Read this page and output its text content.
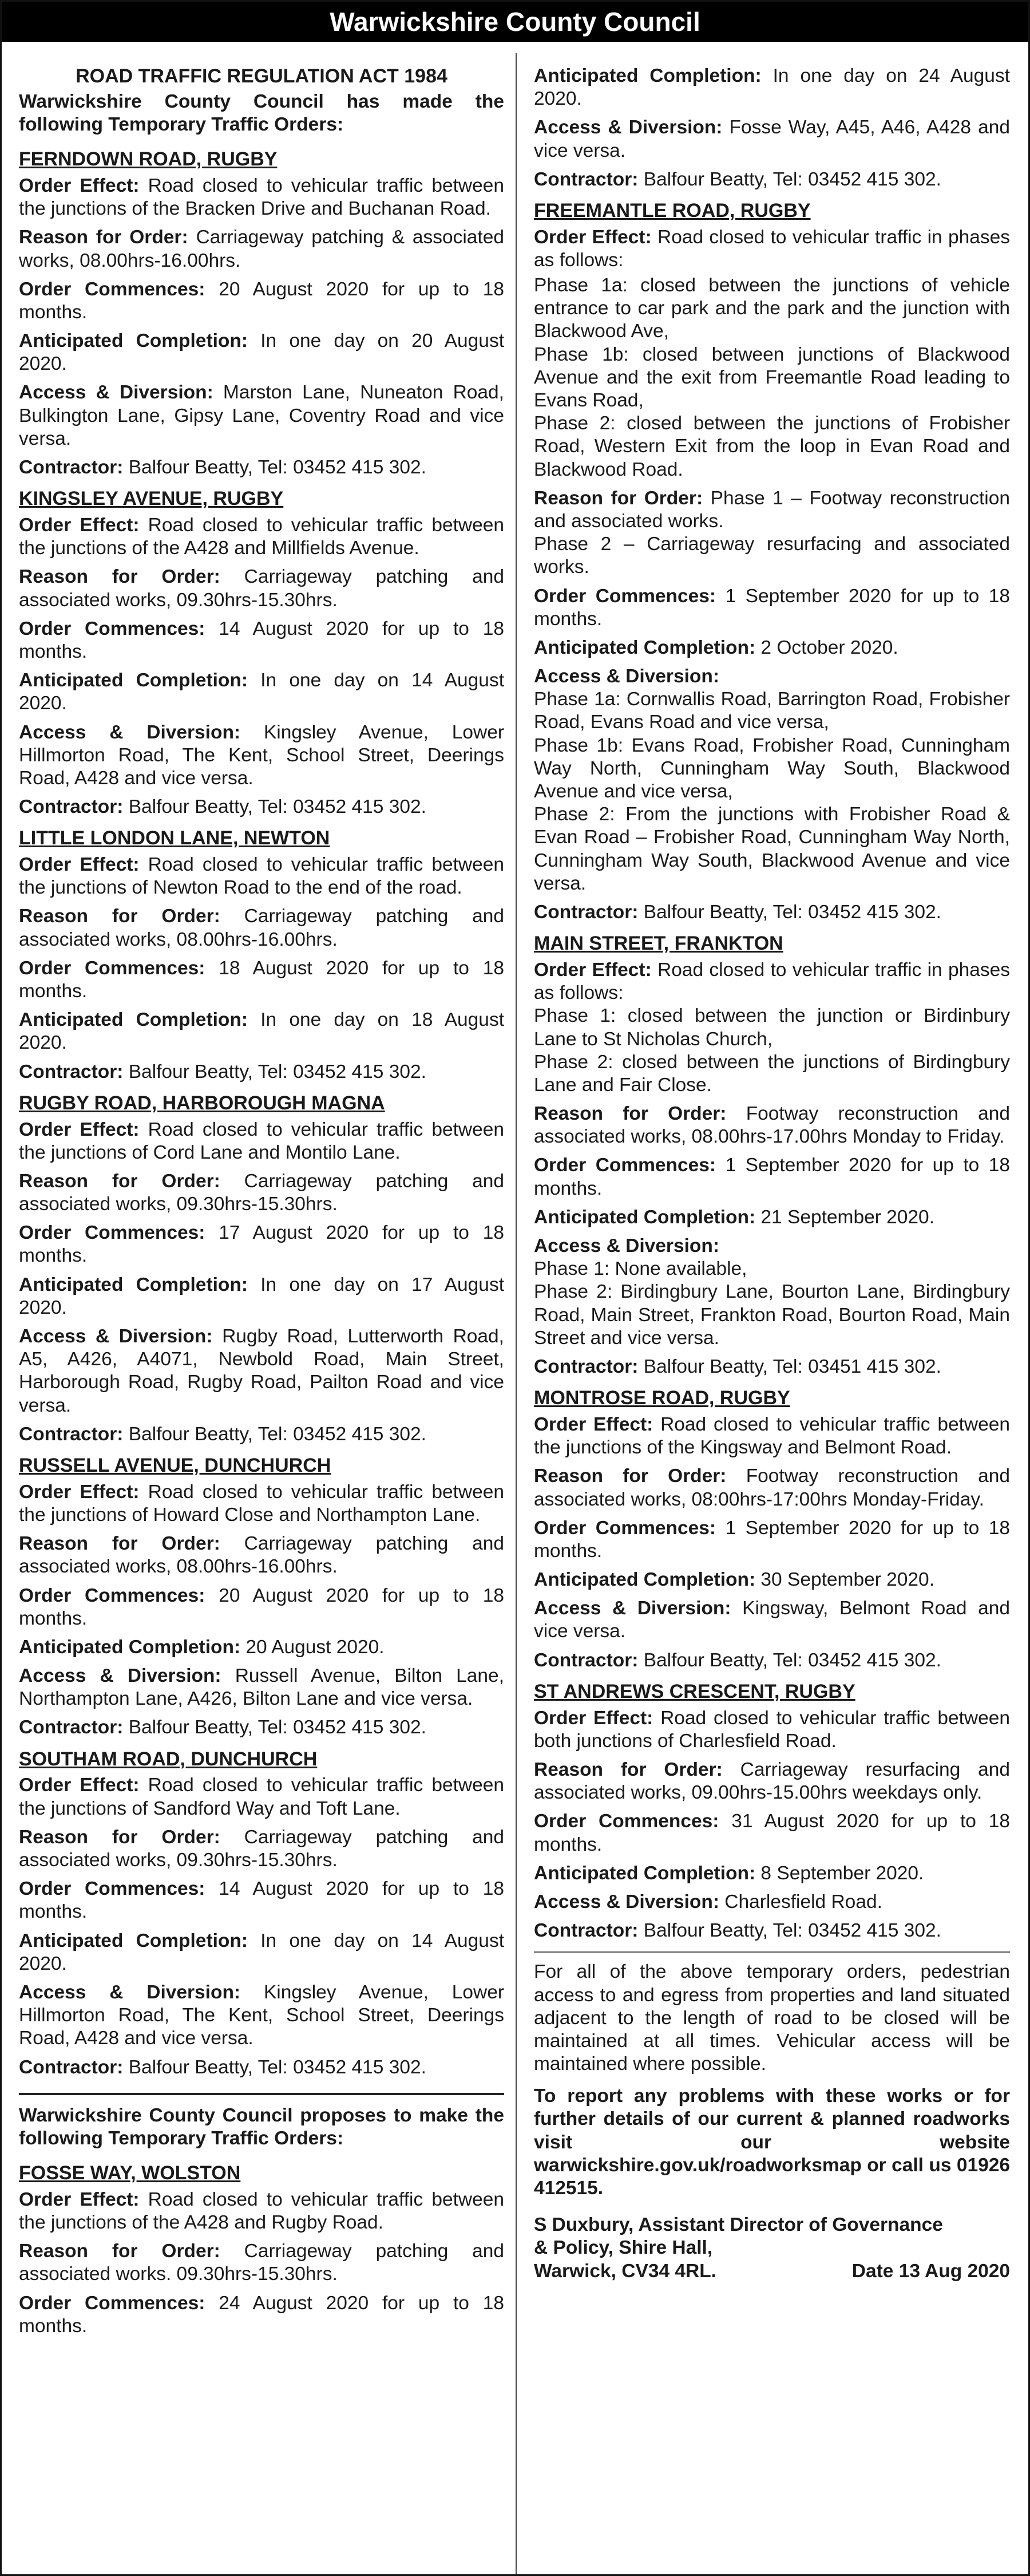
Warwickshire County Council
ROAD TRAFFIC REGULATION ACT 1984
Warwickshire County Council has made the following Temporary Traffic Orders:
FERNDOWN ROAD, RUGBY

Order Effect: Road closed to vehicular traffic between the junctions of the Bracken Drive and Buchanan Road.

Reason for Order: Carriageway patching & associated works, 08.00hrs-16.00hrs.

Order Commences: 20 August 2020 for up to 18 months.

Anticipated Completion: In one day on 20 August 2020.

Access & Diversion: Marston Lane, Nuneaton Road, Bulkington Lane, Gipsy Lane, Coventry Road and vice versa.

Contractor: Balfour Beatty, Tel: 03452 415 302.

KINGSLEY AVENUE, RUGBY

Order Effect: Road closed to vehicular traffic between the junctions of the A428 and Millfields Avenue.

Reason for Order: Carriageway patching and associated works, 09.30hrs-15.30hrs.

Order Commences: 14 August 2020 for up to 18 months.

Anticipated Completion: In one day on 14 August 2020.

Access & Diversion: Kingsley Avenue, Lower Hillmorton Road, The Kent, School Street, Deerings Road, A428 and vice versa.

Contractor: Balfour Beatty, Tel: 03452 415 302.

LITTLE LONDON LANE, NEWTON

Order Effect: Road closed to vehicular traffic between the junctions of Newton Road to the end of the road.

Reason for Order: Carriageway patching and associated works, 08.00hrs-16.00hrs.

Order Commences: 18 August 2020 for up to 18 months.

Anticipated Completion: In one day on 18 August 2020.

Contractor: Balfour Beatty, Tel: 03452 415 302.

RUGBY ROAD, HARBOROUGH MAGNA

Order Effect: Road closed to vehicular traffic between the junctions of Cord Lane and Montilo Lane.

Reason for Order: Carriageway patching and associated works, 09.30hrs-15.30hrs.

Order Commences: 17 August 2020 for up to 18 months.

Anticipated Completion: In one day on 17 August 2020.

Access & Diversion: Rugby Road, Lutterworth Road, A5, A426, A4071, Newbold Road, Main Street, Harborough Road, Rugby Road, Pailton Road and vice versa.

Contractor: Balfour Beatty, Tel: 03452 415 302.

RUSSELL AVENUE, DUNCHURCH

Order Effect: Road closed to vehicular traffic between the junctions of Howard Close and Northampton Lane.

Reason for Order: Carriageway patching and associated works, 08.00hrs-16.00hrs.

Order Commences: 20 August 2020 for up to 18 months.

Anticipated Completion: 20 August 2020.

Access & Diversion: Russell Avenue, Bilton Lane, Northampton Lane, A426, Bilton Lane and vice versa.

Contractor: Balfour Beatty, Tel: 03452 415 302.

SOUTHAM ROAD, DUNCHURCH

Order Effect: Road closed to vehicular traffic between the junctions of Sandford Way and Toft Lane.

Reason for Order: Carriageway patching and associated works, 09.30hrs-15.30hrs.

Order Commences: 14 August 2020 for up to 18 months.

Anticipated Completion: In one day on 14 August 2020.

Access & Diversion: Kingsley Avenue, Lower Hillmorton Road, The Kent, School Street, Deerings Road, A428 and vice versa.

Contractor: Balfour Beatty, Tel: 03452 415 302.

Warwickshire County Council proposes to make the following Temporary Traffic Orders:
FOSSE WAY, WOLSTON

Order Effect: Road closed to vehicular traffic between the junctions of the A428 and Rugby Road.

Reason for Order: Carriageway patching and associated works. 09.30hrs-15.30hrs.

Order Commences: 24 August 2020 for up to 18 months.

Anticipated Completion: In one day on 24 August 2020.

Access & Diversion: Fosse Way, A45, A46, A428 and vice versa.

Contractor: Balfour Beatty, Tel: 03452 415 302.

FREEMANTLE ROAD, RUGBY

Order Effect: Road closed to vehicular traffic in phases as follows:

Phase 1a: closed between the junctions of vehicle entrance to car park and the park and the junction with Blackwood Ave,

Phase 1b: closed between junctions of Blackwood Avenue and the exit from Freemantle Road leading to Evans Road,

Phase 2: closed between the junctions of Frobisher Road, Western Exit from the loop in Evan Road and Blackwood Road.

Reason for Order: Phase 1 – Footway reconstruction and associated works.

Phase 2 – Carriageway resurfacing and associated works.

Order Commences: 1 September 2020 for up to 18 months.

Anticipated Completion: 2 October 2020.

Access & Diversion:

Phase 1a: Cornwallis Road, Barrington Road, Frobisher Road, Evans Road and vice versa,

Phase 1b: Evans Road, Frobisher Road, Cunningham Way North, Cunningham Way South, Blackwood Avenue and vice versa,

Phase 2: From the junctions with Frobisher Road & Evan Road – Frobisher Road, Cunningham Way North, Cunningham Way South, Blackwood Avenue and vice versa.

Contractor: Balfour Beatty, Tel: 03452 415 302.

MAIN STREET, FRANKTON

Order Effect: Road closed to vehicular traffic in phases as follows:

Phase 1: closed between the junction or Birdinbury Lane to St Nicholas Church,

Phase 2: closed between the junctions of Birdingbury Lane and Fair Close.

Reason for Order: Footway reconstruction and associated works, 08.00hrs-17.00hrs Monday to Friday.

Order Commences: 1 September 2020 for up to 18 months.

Anticipated Completion: 21 September 2020.

Access & Diversion:

Phase 1: None available,

Phase 2: Birdingbury Lane, Bourton Lane, Birdingbury Road, Main Street, Frankton Road, Bourton Road, Main Street and vice versa.

Contractor: Balfour Beatty, Tel: 03451 415 302.

MONTROSE ROAD, RUGBY

Order Effect: Road closed to vehicular traffic between the junctions of the Kingsway and Belmont Road.

Reason for Order: Footway reconstruction and associated works, 08:00hrs-17:00hrs Monday-Friday.

Order Commences: 1 September 2020 for up to 18 months.

Anticipated Completion: 30 September 2020.

Access & Diversion: Kingsway, Belmont Road and vice versa.

Contractor: Balfour Beatty, Tel: 03452 415 302.

ST ANDREWS CRESCENT, RUGBY

Order Effect: Road closed to vehicular traffic between both junctions of Charlesfield Road.

Reason for Order: Carriageway resurfacing and associated works, 09.00hrs-15.00hrs weekdays only.

Order Commences: 31 August 2020 for up to 18 months.

Anticipated Completion: 8 September 2020.

Access & Diversion: Charlesfield Road.

Contractor: Balfour Beatty, Tel: 03452 415 302.

For all of the above temporary orders, pedestrian access to and egress from properties and land situated adjacent to the length of road to be closed will be maintained at all times. Vehicular access will be maintained where possible.

To report any problems with these works or for further details of our current & planned roadworks visit our website warwickshire.gov.uk/roadworksmap or call us 01926 412515.

S Duxbury, Assistant Director of Governance

& Policy, Shire Hall,

Warwick, CV34 4RL.	Date 13 Aug 2020
